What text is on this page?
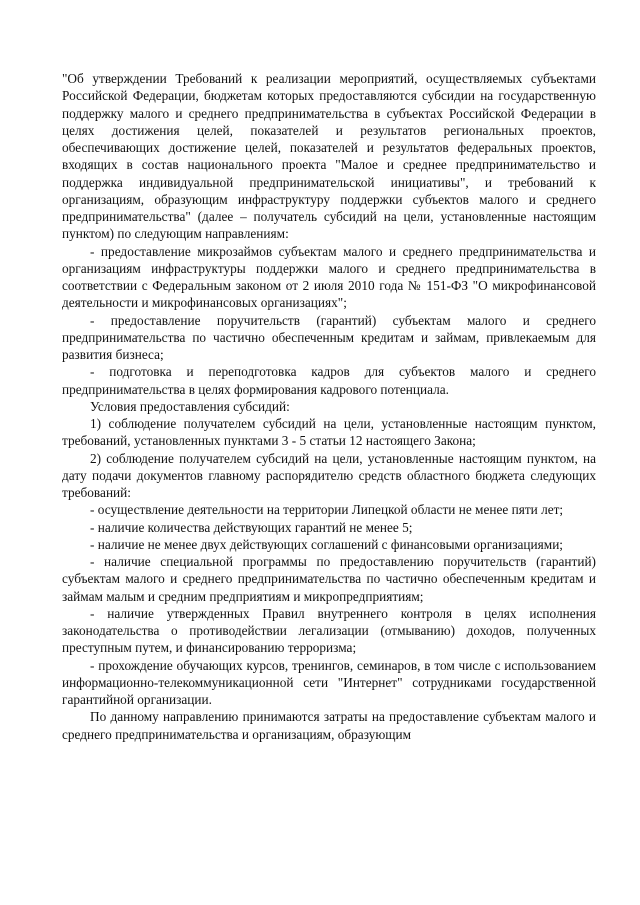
"Об утверждении Требований к реализации мероприятий, осуществляемых субъектами Российской Федерации, бюджетам которых предоставляются субсидии на государственную поддержку малого и среднего предпринимательства в субъектах Российской Федерации в целях достижения целей, показателей и результатов региональных проектов, обеспечивающих достижение целей, показателей и результатов федеральных проектов, входящих в состав национального проекта "Малое и среднее предпринимательство и поддержка индивидуальной предпринимательской инициативы", и требований к организациям, образующим инфраструктуру поддержки субъектов малого и среднего предпринимательства" (далее – получатель субсидий на цели, установленные настоящим пунктом) по следующим направлениям:

- предоставление микрозаймов субъектам малого и среднего предпринимательства и организациям инфраструктуры поддержки малого и среднего предпринимательства в соответствии с Федеральным законом от 2 июля 2010 года № 151-ФЗ "О микрофинансовой деятельности и микрофинансовых организациях";

- предоставление поручительств (гарантий) субъектам малого и среднего предпринимательства по частично обеспеченным кредитам и займам, привлекаемым для развития бизнеса;

- подготовка и переподготовка кадров для субъектов малого и среднего предпринимательства в целях формирования кадрового потенциала.

Условия предоставления субсидий:

1) соблюдение получателем субсидий на цели, установленные настоящим пунктом, требований, установленных пунктами 3 - 5 статьи 12 настоящего Закона;

2) соблюдение получателем субсидий на цели, установленные настоящим пунктом, на дату подачи документов главному распорядителю средств областного бюджета следующих требований:

- осуществление деятельности на территории Липецкой области не менее пяти лет;

- наличие количества действующих гарантий не менее 5;

- наличие не менее двух действующих соглашений с финансовыми организациями;

- наличие специальной программы по предоставлению поручительств (гарантий) субъектам малого и среднего предпринимательства по частично обеспеченным кредитам и займам малым и средним предприятиям и микропредприятиям;

- наличие утвержденных Правил внутреннего контроля в целях исполнения законодательства о противодействии легализации (отмыванию) доходов, полученных преступным путем, и финансированию терроризма;

- прохождение обучающих курсов, тренингов, семинаров, в том числе с использованием информационно-телекоммуникационной сети "Интернет" сотрудниками государственной гарантийной организации.

По данному направлению принимаются затраты на предоставление субъектам малого и среднего предпринимательства и организациям, образующим
